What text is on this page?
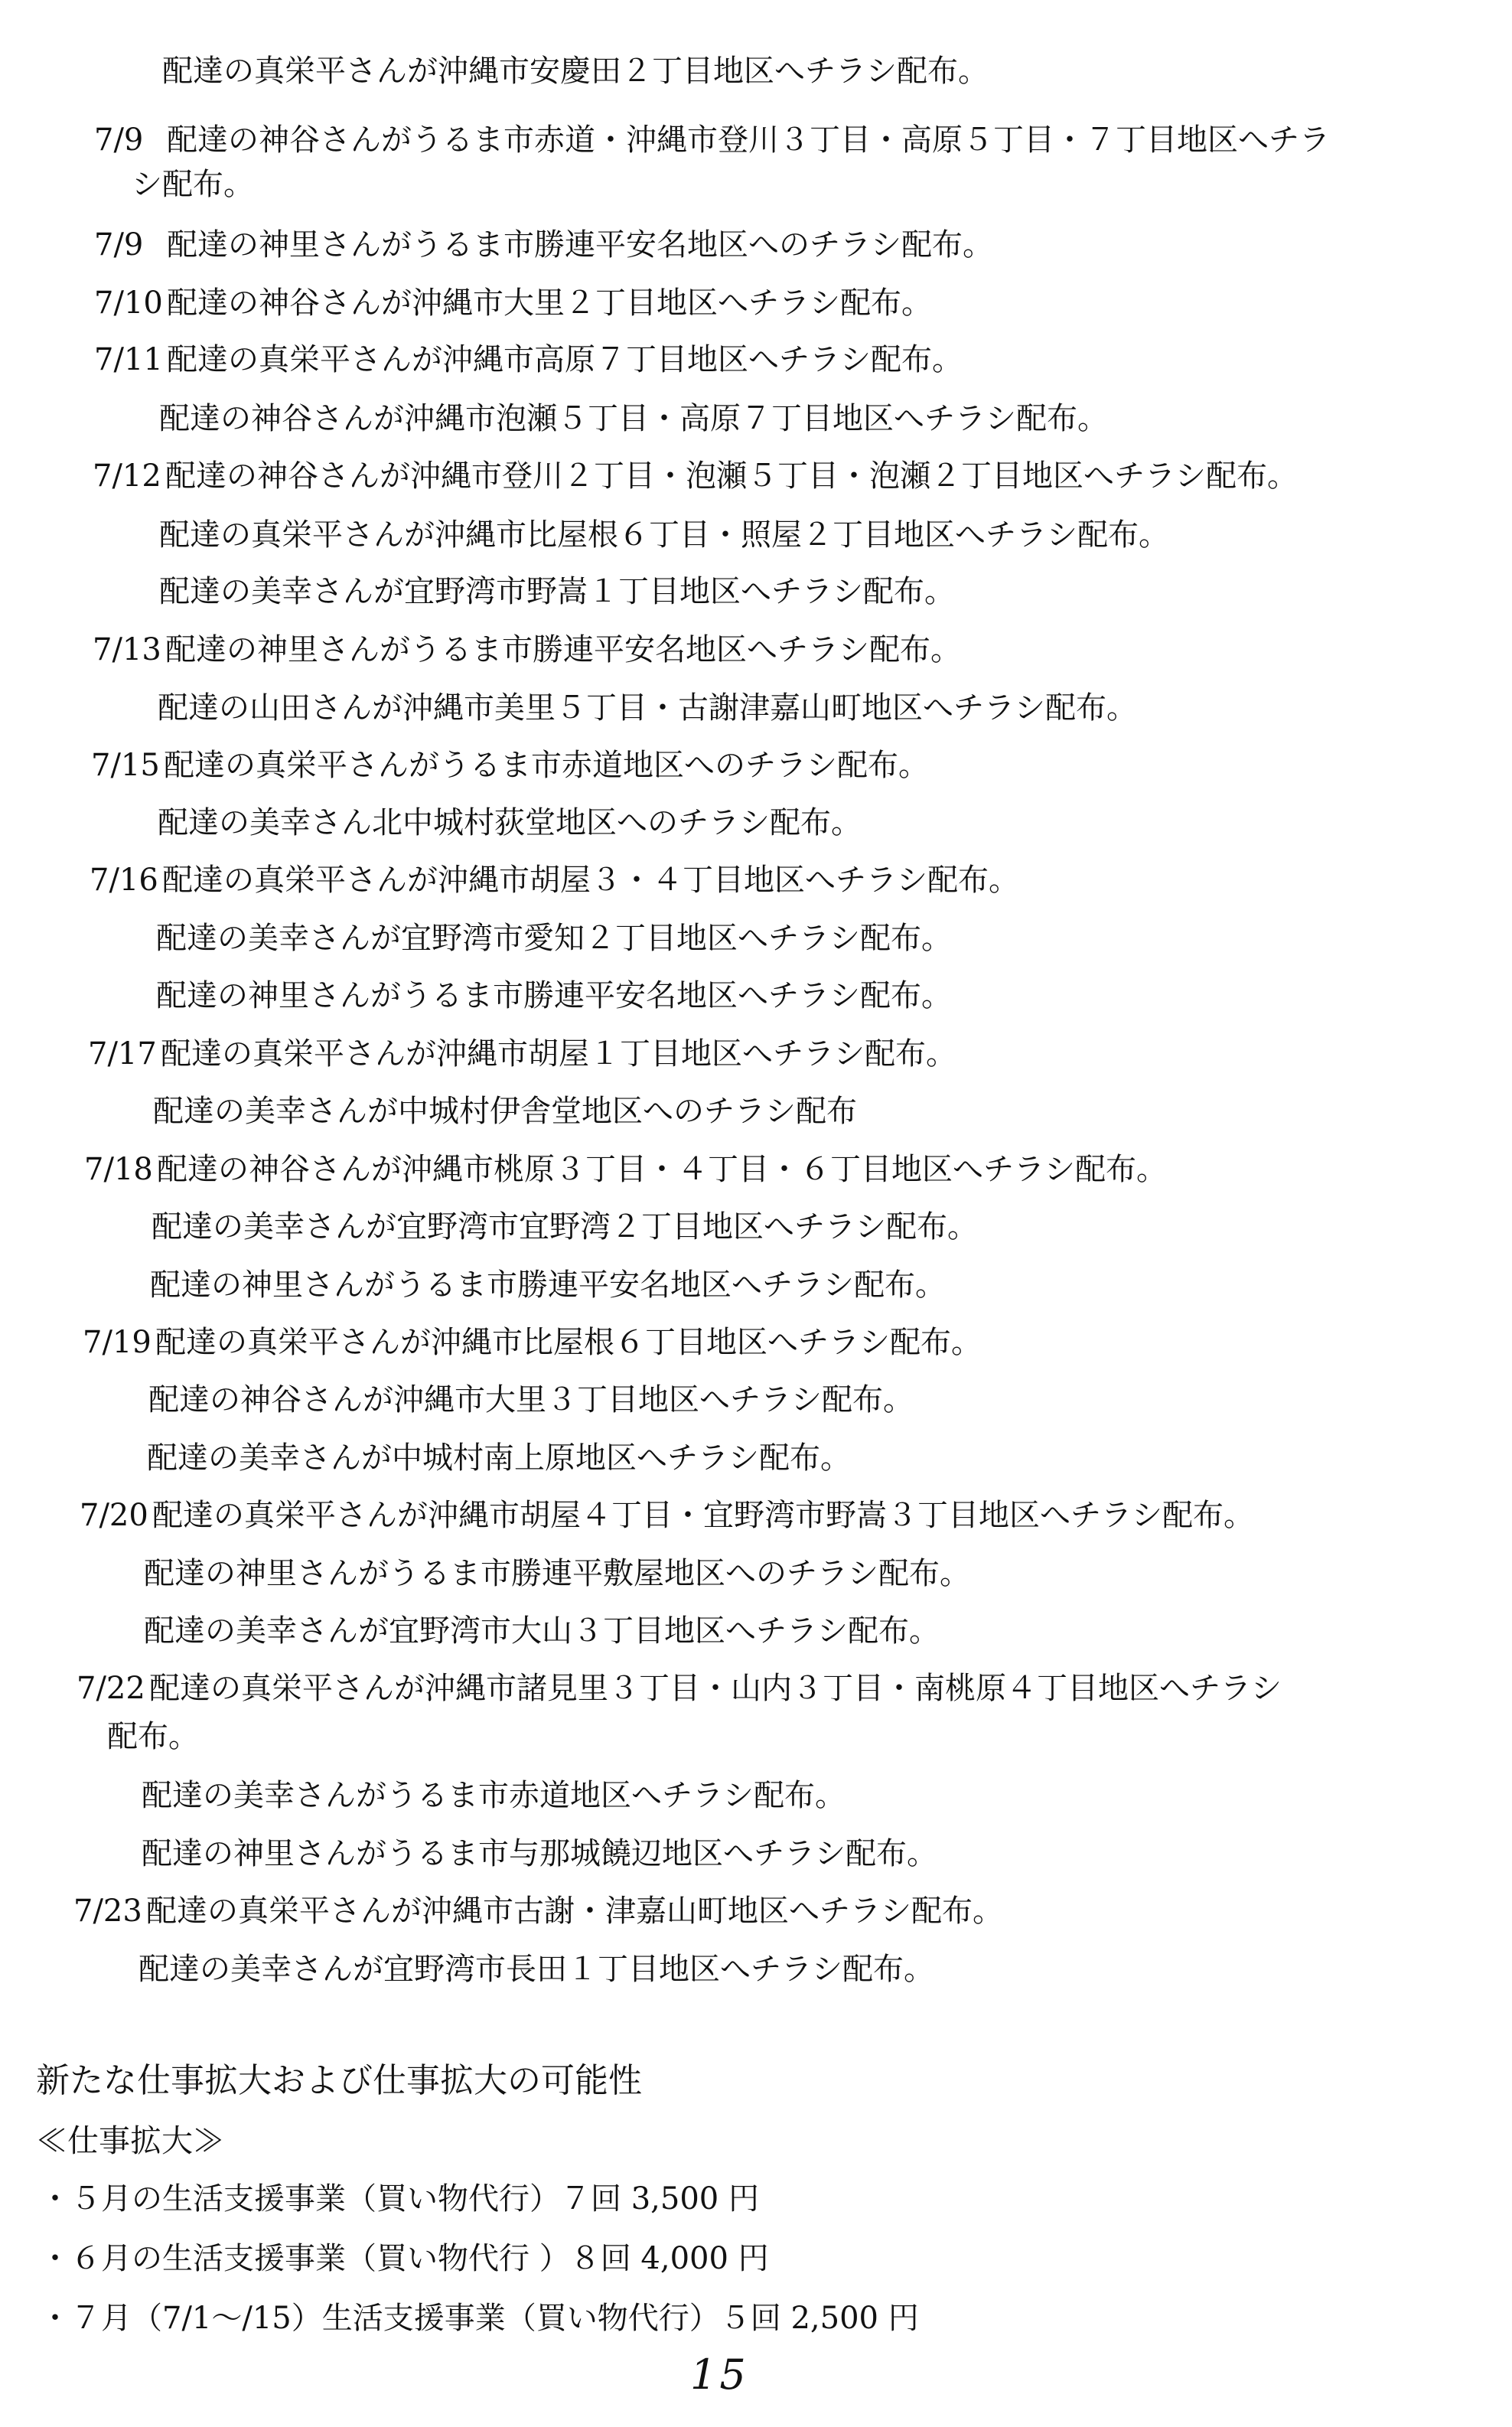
配達の真栄平さんが沖縄市安慶田２丁目地区へチラシ配布。
7/9 配達の神谷さんがうるま市赤道・沖縄市登川３丁目・高原５丁目・７丁目地区へチラ
シ配布。
7/9 配達の神里さんがうるま市勝連平安名地区へのチラシ配布。
7/10 配達の神谷さんが沖縄市大里２丁目地区へチラシ配布。
7/11 配達の真栄平さんが沖縄市高原７丁目地区へチラシ配布。
配達の神谷さんが沖縄市泡瀬５丁目・高原７丁目地区へチラシ配布。
7/12 配達の神谷さんが沖縄市登川２丁目・泡瀬５丁目・泡瀬２丁目地区へチラシ配布。
配達の真栄平さんが沖縄市比屋根６丁目・照屋２丁目地区へチラシ配布。
配達の美幸さんが宜野湾市野嵩１丁目地区へチラシ配布。
7/13 配達の神里さんがうるま市勝連平安名地区へチラシ配布。
配達の山田さんが沖縄市美里５丁目・古謝津嘉山町地区へチラシ配布。
7/15 配達の真栄平さんがうるま市赤道地区へのチラシ配布。
配達の美幸さん北中城村荻堂地区へのチラシ配布。
7/16 配達の真栄平さんが沖縄市胡屋３・４丁目地区へチラシ配布。
配達の美幸さんが宜野湾市愛知２丁目地区へチラシ配布。
配達の神里さんがうるま市勝連平安名地区へチラシ配布。
7/17 配達の真栄平さんが沖縄市胡屋１丁目地区へチラシ配布。
配達の美幸さんが中城村伊舎堂地区へのチラシ配布
7/18 配達の神谷さんが沖縄市桃原３丁目・４丁目・６丁目地区へチラシ配布。
配達の美幸さんが宜野湾市宜野湾２丁目地区へチラシ配布。
配達の神里さんがうるま市勝連平安名地区へチラシ配布。
7/19 配達の真栄平さんが沖縄市比屋根６丁目地区へチラシ配布。
配達の神谷さんが沖縄市大里３丁目地区へチラシ配布。
配達の美幸さんが中城村南上原地区へチラシ配布。
7/20 配達の真栄平さんが沖縄市胡屋４丁目・宜野湾市野嵩３丁目地区へチラシ配布。
配達の神里さんがうるま市勝連平敷屋地区へのチラシ配布。
配達の美幸さんが宜野湾市大山３丁目地区へチラシ配布。
7/22 配達の真栄平さんが沖縄市諸見里３丁目・山内３丁目・南桃原４丁目地区へチラシ
配布。
配達の美幸さんがうるま市赤道地区へチラシ配布。
配達の神里さんがうるま市与那城饒辺地区へチラシ配布。
7/23 配達の真栄平さんが沖縄市古謝・津嘉山町地区へチラシ配布。
配達の美幸さんが宜野湾市長田１丁目地区へチラシ配布。
新たな仕事拡大および仕事拡大の可能性
≪仕事拡大≫
・５月の生活支援事業（買い物代行）７回 3,500 円
・６月の生活支援事業（買い物代行 ）８回 4,000 円
・７月（7/1～/15）生活支援事業（買い物代行）５回 2,500 円
15
